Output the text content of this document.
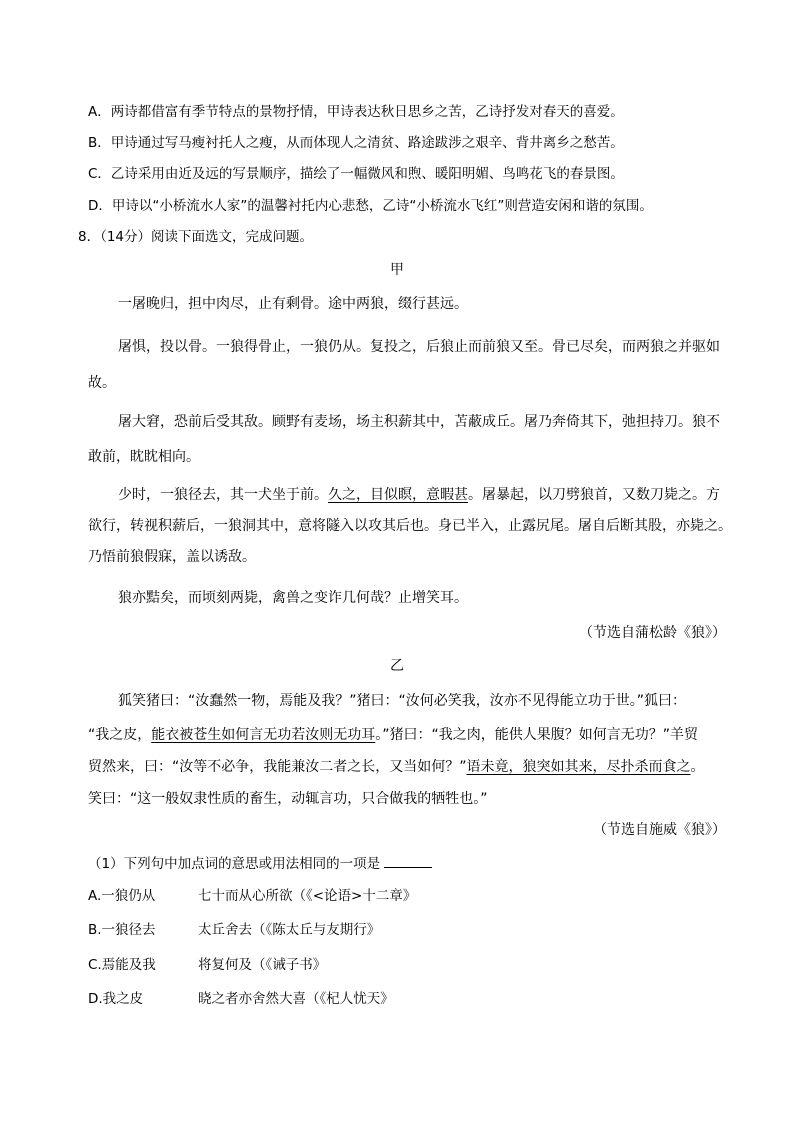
A．两诗都借富有季节特点的景物抒情，甲诗表达秋日思乡之苦，乙诗抒发对春天的喜爱。
B．甲诗通过写马瘦衬托人之瘦，从而体现人之清贫、路途跋涉之艰辛、背井离乡之愁苦。
C．乙诗采用由近及远的写景顺序，描绘了一幅微风和煦、暖阳明媚、鸟鸣花飞的春景图。
D．甲诗以“小桥流水人家”的温馨衬托内心悲愁，乙诗“小桥流水飞红”则营造安闲和谐的氛围。
8．（14分）阅读下面选文，完成问题。
甲
一屠晚归，担中肉尽，止有剩骨。途中两狼，缀行甚远。
屠惧，投以骨。一狼得骨止，一狼仍从。复投之，后狼止而前狼又至。骨已尽矣，而两狼之并驱如
故。
屠大窘，恐前后受其敌。顾野有麦场，场主积薪其中，苫蔽成丘。屠乃奔倚其下，弛担持刀。狼不
敢前，眈眈相向。
少时，一狼径去，其一犬坐于前。久之，目似瞑，意暇甚。屠暴起，以刀劈狼首，又数刀毙之。方
欲行，转视积薪后，一狼洞其中，意将隧入以攻其后也。身已半入，止露尻尾。屠自后断其股，亦毙之。
乃悟前狼假寐，盖以诱敌。
狼亦黠矣，而顷刻两毙，禽兽之变诈几何哉？止增笑耳。
（节选自蒲松龄《狼》）
乙
狐笑猪曰：“汝蠢然一物，焉能及我？”猪曰：“汝何必笑我，汝亦不见得能立功于世。”狐曰：
“我之皮，能衣被苍生如何言无功若汝则无功耳。”猪曰：“我之肉，能供人果腹？如何言无功？”羊贸
贸然来，曰：“汝等不必争，我能兼汝二者之长，又当如何？”语未竟，狼突如其来，尽扑杀而食之。
笑曰：“这一般奴隶性质的畜生，动辄言功，只合做我的牺牲也。”
（节选自施威《狼》）
（1）下列句中加点词的意思或用法相同的一项是
A.一狼仍从	七十而从心所欲（《<论语>十二章》
B.一狼径去	太丘舍去（《陈太丘与友期行》
C.焉能及我	将复何及（《诫子书》
D.我之皮	晓之者亦舍然大喜（《杞人忧天》
